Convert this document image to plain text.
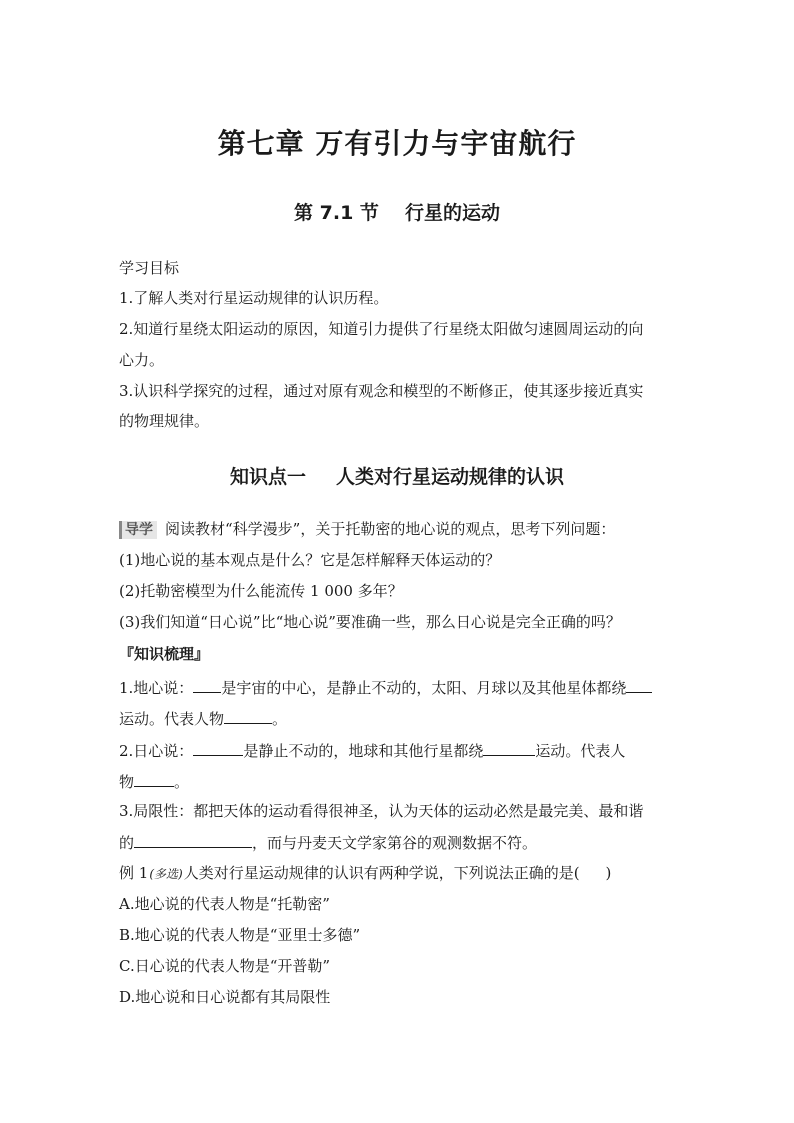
第七章 万有引力与宇宙航行
第 7.1 节 行星的运动
学习目标
1.了解人类对行星运动规律的认识历程。
2.知道行星绕太阳运动的原因，知道引力提供了行星绕太阳做匀速圆周运动的向
心力。
3.认识科学探究的过程，通过对原有观念和模型的不断修正，使其逐步接近真实
的物理规律。
知识点一 人类对行星运动规律的认识
导学 阅读教材“科学漫步”，关于托勒密的地心说的观点，思考下列问题：
(1)地心说的基本观点是什么？它是怎样解释天体运动的？
(2)托勒密模型为什么能流传 1 000 多年？
(3)我们知道“日心说”比“地心说”要准确一些，那么日心说是完全正确的吗？
『知识梳理』
1.地心说： 是宇宙的中心，是静止不动的，太阳、月球以及其他星体都绕
运动。代表人物	。
2.日心说：	是静止不动的，地球和其他行星都绕	运动。代表人
物	。
3.局限性：都把天体的运动看得很神圣，认为天体的运动必然是最完美、最和谐
的	，而与丹麦天文学家第谷的观测数据不符。
例 1(多选)人类对行星运动规律的认识有两种学说，下列说法正确的是( )
A.地心说的代表人物是“托勒密”
B.地心说的代表人物是“亚里士多德”
C.日心说的代表人物是“开普勒”
D.地心说和日心说都有其局限性
